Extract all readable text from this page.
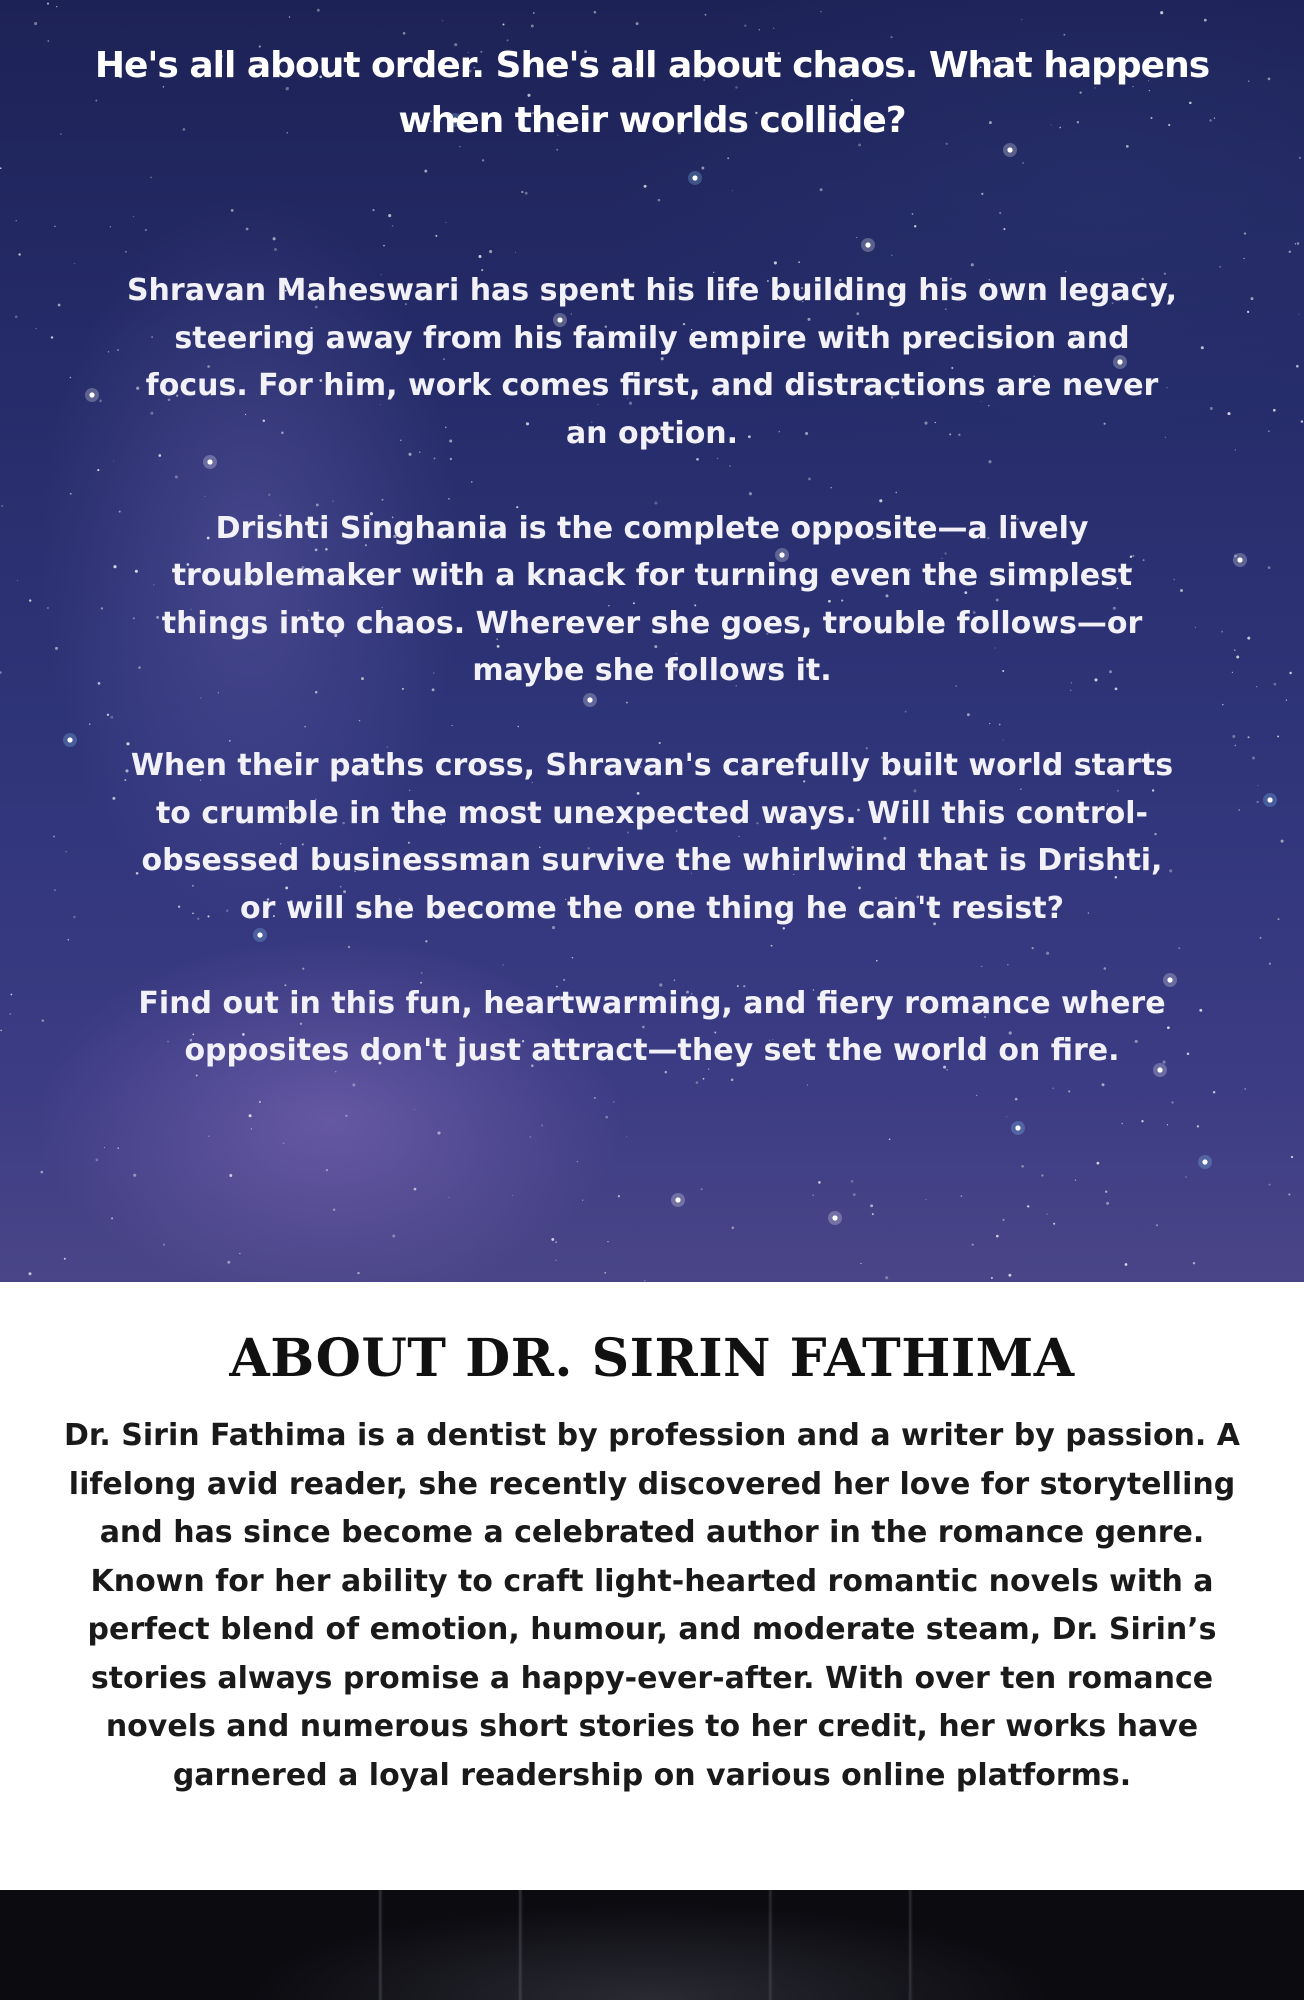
He's all about order. She's all about chaos. What happens when their worlds collide?

Shravan Maheswari has spent his life building his own legacy, steering away from his family empire with precision and focus. For him, work comes first, and distractions are never an option.

Drishti Singhania is the complete opposite—a lively troublemaker with a knack for turning even the simplest things into chaos. Wherever she goes, trouble follows—or maybe she follows it.

When their paths cross, Shravan's carefully built world starts to crumble in the most unexpected ways. Will this control-obsessed businessman survive the whirlwind that is Drishti, or will she become the one thing he can't resist?

Find out in this fun, heartwarming, and fiery romance where opposites don't just attract—they set the world on fire.

ABOUT DR. SIRIN FATHIMA

Dr. Sirin Fathima is a dentist by profession and a writer by passion. A lifelong avid reader, she recently discovered her love for storytelling and has since become a celebrated author in the romance genre. Known for her ability to craft light-hearted romantic novels with a perfect blend of emotion, humour, and moderate steam, Dr. Sirin’s stories always promise a happy-ever-after. With over ten romance novels and numerous short stories to her credit, her works have garnered a loyal readership on various online platforms.
